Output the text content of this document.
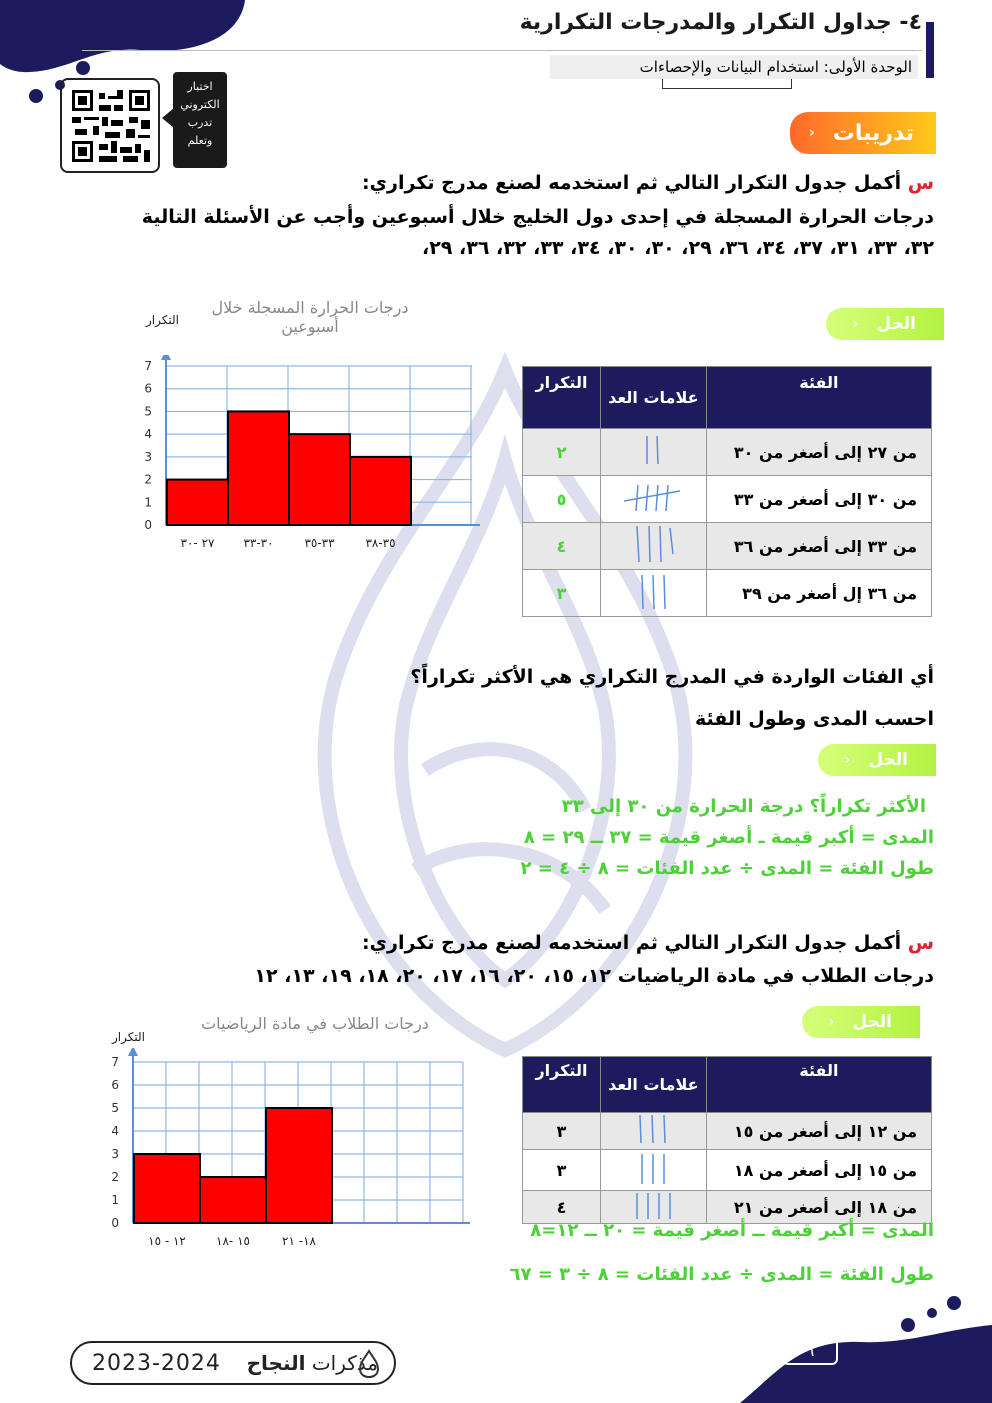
٤- جداول التكرار والمدرجات التكرارية
الوحدة الأولى: استخدام البيانات والإحصاءات
اختبار
الكتروني
تدرب
وتعلم	تدريبات
‹
س أكمل جدول التكرار التالي ثم استخدمه لصنع مدرج تكراري:
درجات الحرارة المسجلة في إحدى دول الخليج خلال أسبوعين وأجب عن الأسئلة التالية
٣٢، ٣٣، ٣١، ٣٧، ٣٤، ٣٦، ٢٩، ٣٠، ٣٠، ٣٤، ٣٣، ٣٢، ٣٦، ٢٩،
الحل
‹
درجات الحرارة المسجلة خلال أسبوعين
التكرار
0
1
2
3
4
5
6
7
٢٧ -٣٠ ٣٠-٣٣	٣٣-٣٥	٣٥-٣٨
الفئة	علامات العد	التكرار
من ٢٧ إلى أصغر من ٣٠		٢
من ٣٠ إلى أصغر من ٣٣		٥
من ٣٣ إلى أصغر من ٣٦		٤
من ٣٦ إل أصغر من ٣٩		٣
أي الفئات الواردة في المدرج التكراري هي الأكثر تكراراً؟
احسب المدى وطول الفئة
الحل
‹
الأكثر تكراراً؟ درجة الحرارة من ٣٠ إلى ٣٣
المدى = أكبر قيمة ـ أصغر قيمة = ٣٧ ــ ٢٩ = ٨
طول الفئة = المدى ÷ عدد الفئات = ٨ ÷ ٤ = ٢
س أكمل جدول التكرار التالي ثم استخدمه لصنع مدرج تكراري:
درجات الطلاب في مادة الرياضيات ١٢، ١٥، ٢٠، ١٦، ١٧، ٢٠، ١٨، ١٩، ١٣، ١٢
الحل
‹
درجات الطلاب في مادة الرياضيات
التكرار
0
1
2
3
4
5
6
7
١٢ - ١٥	١٥ -١٨	١٨- ٢١
الفئة	علامات العد	التكرار
من ١٢ إلى أصغر من ١٥		٣
من ١٥ إلى أصغر من ١٨		٣
من ١٨ إلى أصغر من ٢١		٤
المدى = أكبر قيمة ــ أصغر قيمة = ٢٠ ــ ١٢=٨
طول الفئة = المدى ÷ عدد الفئات = ٨ ÷ ٣ = ٦٧
٦
2023-2024	مذكرات النجاح
